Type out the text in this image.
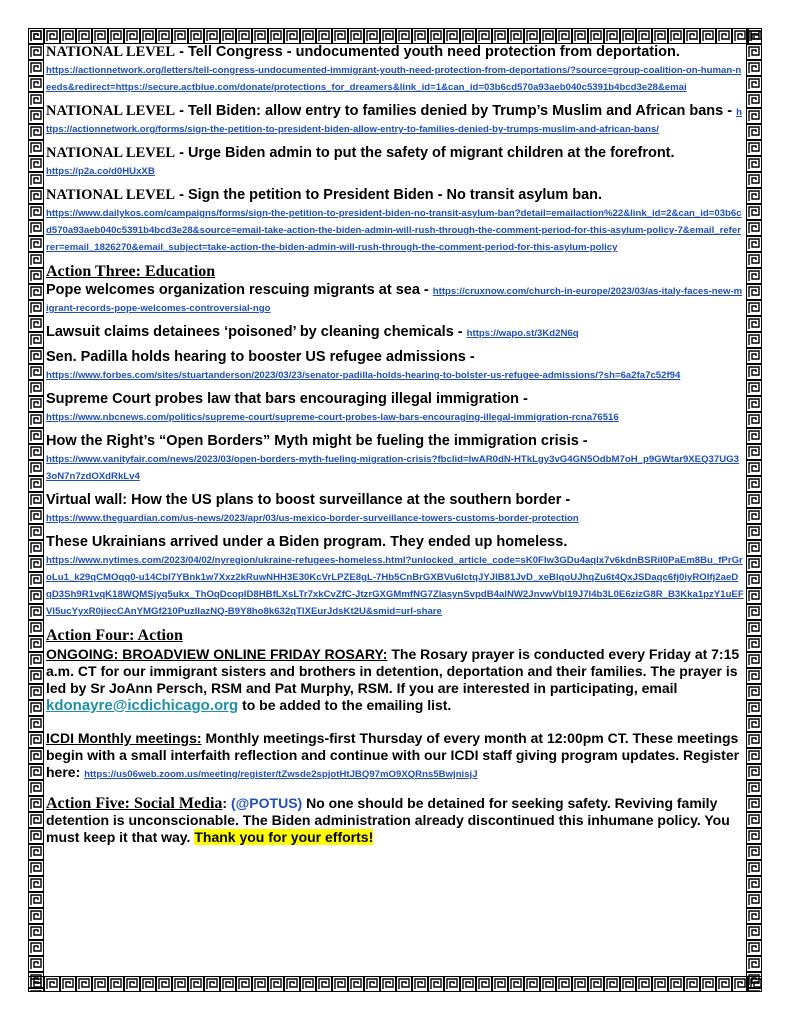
NATIONAL LEVEL - Tell Congress - undocumented youth need protection from deportation.
https://actionnetwork.org/letters/tell-congress-undocumented-immigrant-youth-need-protection-from-deportations/?source=group-coalition-on-human-needs&redirect=https://secure.actblue.com/donate/protections_for_dreamers&link_id=1&can_id=03b6cd570a93aeb040c5391b4bcd3e28&emai
NATIONAL LEVEL - Tell Biden: allow entry to families denied by Trump’s Muslim and African bans - https://actionnetwork.org/forms/sign-the-petition-to-president-biden-allow-entry-to-families-denied-by-trumps-muslim-and-african-bans/
NATIONAL LEVEL - Urge Biden admin to put the safety of migrant children at the forefront.
https://p2a.co/d0HUxXB
NATIONAL LEVEL - Sign the petition to President Biden - No transit asylum ban.
https://www.dailykos.com/campaigns/forms/sign-the-petition-to-president-biden-no-transit-asylum-ban?detail=emailaction%22&link_id=2&can_id=03b6cd570a93aeb040c5391b4bcd3e28&source=email-take-action-the-biden-admin-will-rush-through-the-comment-period-for-this-asylum-policy-7&email_referrer=email_1826270&email_subject=take-action-the-biden-admin-will-rush-through-the-comment-period-for-this-asylum-policy
Action Three: Education
Pope welcomes organization rescuing migrants at sea - https://cruxnow.com/church-in-europe/2023/03/as-italy-faces-new-migrant-records-pope-welcomes-controversial-ngo
Lawsuit claims detainees ‘poisoned’ by cleaning chemicals - https://wapo.st/3Kd2N6q
Sen. Padilla holds hearing to booster US refugee admissions -
https://www.forbes.com/sites/stuartanderson/2023/03/23/senator-padilla-holds-hearing-to-bolster-us-refugee-admissions/?sh=6a2fa7c52f94
Supreme Court probes law that bars encouraging illegal immigration -
https://www.nbcnews.com/politics/supreme-court/supreme-court-probes-law-bars-encouraging-illegal-immigration-rcna76516
How the Right’s “Open Borders” Myth might be fueling the immigration crisis -
https://www.vanityfair.com/news/2023/03/open-borders-myth-fueling-migration-crisis?fbclid=IwAR0dN-HTkLgy3vG4GN5OdbM7oH_p9GWtar9XEQ37UG33oN7n7zdOXdRkLv4
Virtual wall: How the US plans to boost surveillance at the southern border -
https://www.theguardian.com/us-news/2023/apr/03/us-mexico-border-surveillance-towers-customs-border-protection
These Ukrainians arrived under a Biden program. They ended up homeless.
https://www.nytimes.com/2023/04/02/nyregion/ukraine-refugees-homeless.html?unlocked_article_code=sK0FIw3GDu4aqlx7v6kdnBSRiI0PaEm8Bu_fPrGroLu1_k29qCMOqq0-u14CbI7YBnk1w7Xxz2kRuwNHH3E30KcVrLPZE8gL-7Hb5CnBrGXBVu6lctqJYJIB81JvD_xeBlqoUJhqZu6t4QxJSDaqc6fj0iyROIfj2aeDqD3Sh9R1vqK18WQMSjyq5ukx_ThOqDcopID8HBfLXsLTr7xkCvZfC-JtzrGXGMmfNG7ZlasynSvpdB4alNW2JnvwVbI19J7I4b3L0E6zizG8R_B3Kka1pzY1uEFVl5ucYyxR0jiecCAnYMGf210PuzIlazNQ-B9Y8ho8k632qTlXEurJdsKt2U&smid=url-share
Action Four: Action
ONGOING: BROADVIEW ONLINE FRIDAY ROSARY: The Rosary prayer is conducted every Friday at 7:15 a.m. CT for our immigrant sisters and brothers in detention, deportation and their families. The prayer is led by Sr JoAnn Persch, RSM and Pat Murphy, RSM. If you are interested in participating, email kdonayre@icdichicago.org to be added to the emailing list.
ICDI Monthly meetings: Monthly meetings-first Thursday of every month at 12:00pm CT. These meetings begin with a small interfaith reflection and continue with our ICDI staff giving program updates. Register here: https://us06web.zoom.us/meeting/register/tZwsde2spjotHtJBQ97mO9XQRns5BwjnisjJ
Action Five: Social Media: (@POTUS) No one should be detained for seeking safety. Reviving family detention is unconscionable. The Biden administration already discontinued this inhumane policy. You must keep it that way. Thank you for your efforts!
